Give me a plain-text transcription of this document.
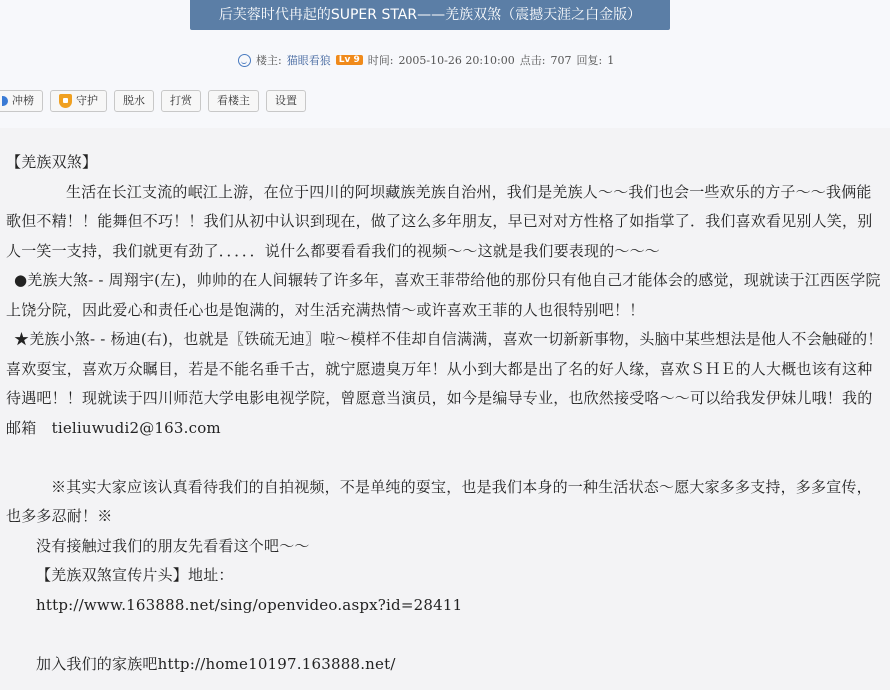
后芙蓉时代冉起的SUPER STAR——羌族双煞（震撼天涯之白金版）
楼主: 猫眼看狼 Lv 9 时间: 2005-10-26 20:10:00 点击: 707 回复: 1
冲榜	守护	脱水	打赏	看楼主	设置

【羌族双煞】

生活在长江支流的岷江上游，在位于四川的阿坝藏族羌族自治州，我们是羌族人～～我们也会一些欢乐的方子～～我俩能歌但不精！！能舞但不巧！！我们从初中认识到现在，做了这么多年朋友，早已对对方性格了如指掌了．我们喜欢看见别人笑，别人一笑一支持，我们就更有劲了．．．．．说什么都要看看我们的视频～～这就是我们要表现的～～～

●羌族大煞- - 周翔宇(左)，帅帅的在人间辗转了许多年，喜欢王菲带给他的那份只有他自己才能体会的感觉，现就读于江西医学院上饶分院，因此爱心和责任心也是饱满的，对生活充满热情～或许喜欢王菲的人也很特别吧！！

★羌族小煞- - 杨迪(右)，也就是〖铁硫无迪〗啦～模样不佳却自信满满，喜欢一切新新事物，头脑中某些想法是他人不会触碰的！喜欢耍宝，喜欢万众瞩目，若是不能名垂千古，就宁愿遗臭万年！从小到大都是出了名的好人缘，喜欢ＳＨＥ的人大概也该有这种待遇吧！！现就读于四川师范大学电影电视学院，曾愿意当演员，如今是编导专业，也欣然接受咯～～可以给我发伊妹儿哦！我的邮箱　tieliuwudi2@163.com

※其实大家应该认真看待我们的自拍视频，不是单纯的耍宝，也是我们本身的一种生活状态～愿大家多多支持，多多宣传，也多多忍耐！※

没有接触过我们的朋友先看看这个吧～～

【羌族双煞宣传片头】地址：

http://www.163888.net/sing/openvideo.aspx?id=28411

加入我们的家族吧http://home10197.163888.net/
